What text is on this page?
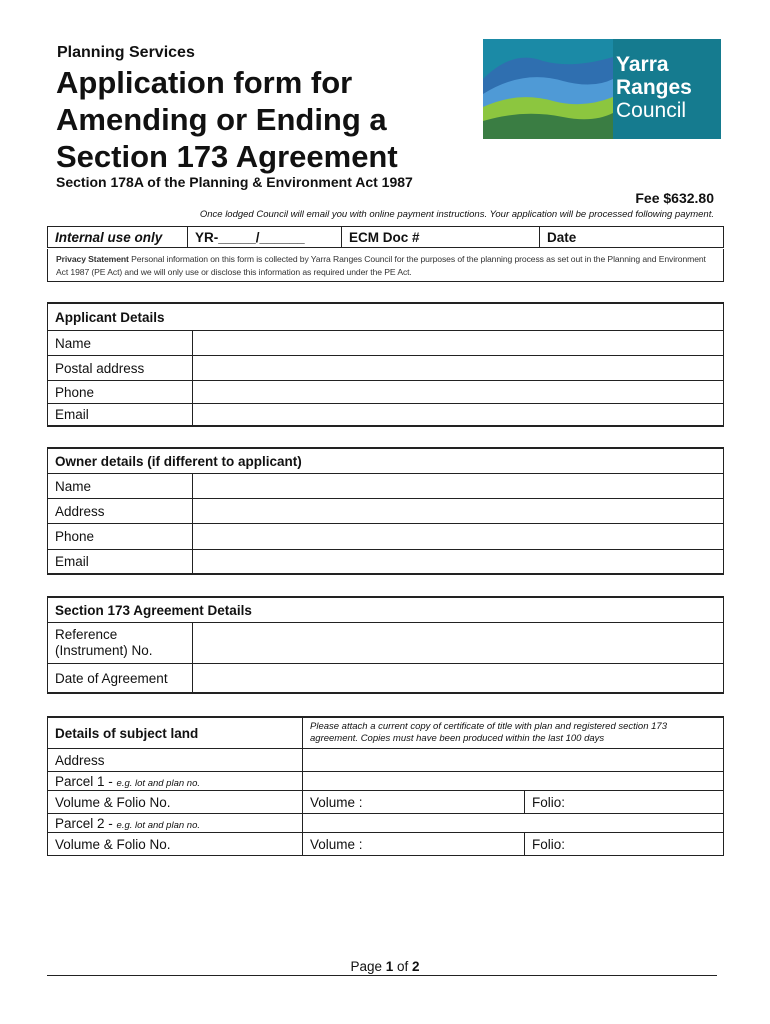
Planning Services
Application form for Amending or Ending a Section 173 Agreement
Section 178A of the Planning & Environment Act 1987
Fee $632.80
Once lodged Council will email you with online payment instructions. Your application will be processed following payment.
Yarra
Ranges
Council
Internal use only	YR-_____/______	ECM Doc #	Date
Privacy Statement Personal information on this form is collected by Yarra Ranges Council for the purposes of the planning process as set out in the Planning and Environment Act 1987 (PE Act) and we will only use or disclose this information as required under the PE Act.
Applicant Details	
Name	
Postal address	
Phone	
Email	
Owner details (if different to applicant)	
Name	
Address	
Phone	
Email	
Section 173 Agreement Details	

Reference
(Instrument) No.	

Date of Agreement	
Details of subject land	Please attach a current copy of certificate of title with plan and registered section 173 agreement. Copies must have been produced within the last 100 days	
Address		
Parcel 1 - e.g. lot and plan no.		
Volume & Folio No.	Volume :	Folio:
Parcel 2 - e.g. lot and plan no.		
Volume & Folio No.	Volume :	Folio:
Page 1 of 2
